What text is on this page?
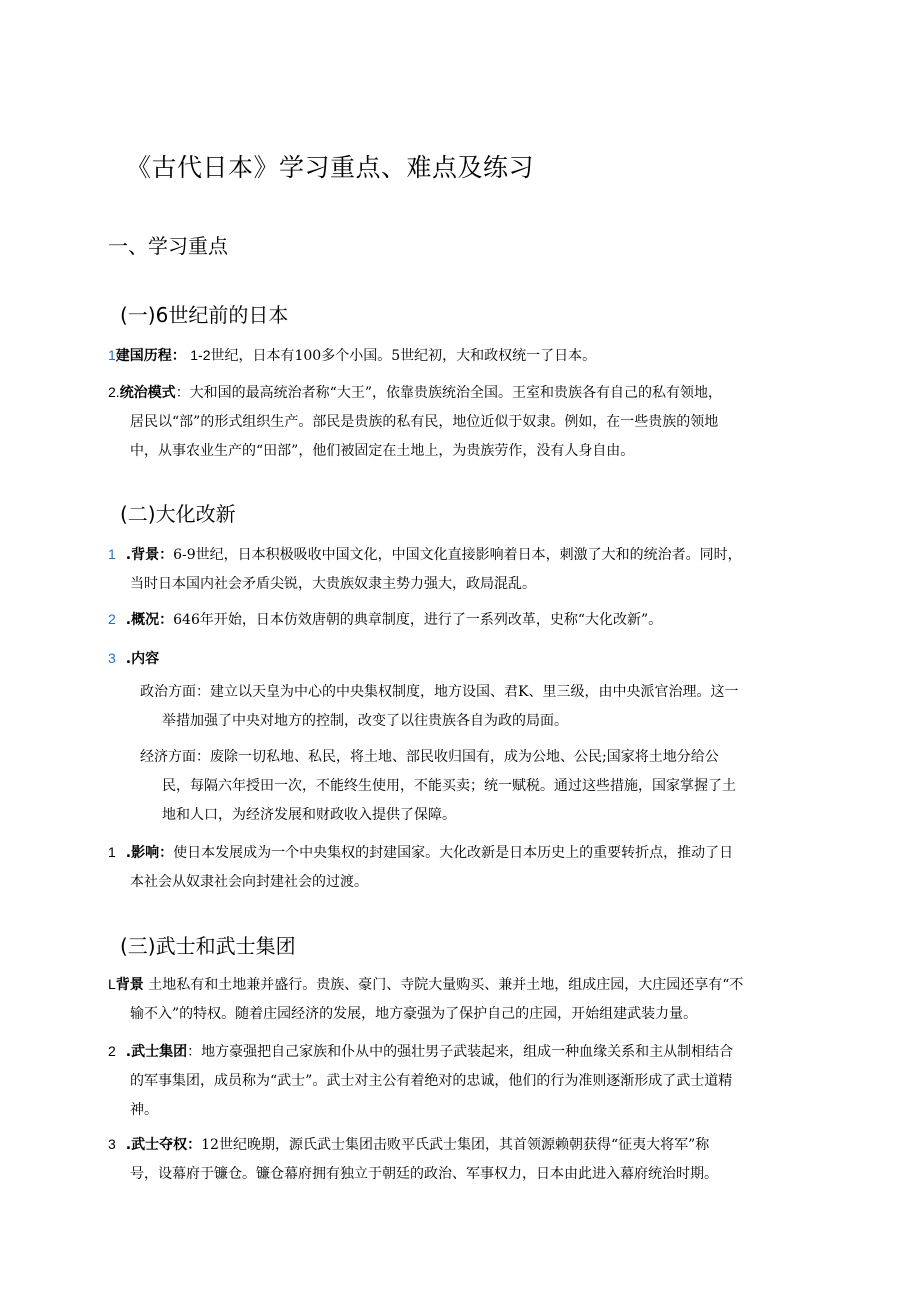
《古代日本》学习重点、难点及练习
一、学习重点
(一)6世纪前的日本
1建国历程： 1-2世纪，日本有100多个小国。5世纪初，大和政权统一了日本。
2.统治模式：大和国的最高统治者称“大王”，依靠贵族统治全国。王室和贵族各有自己的私有领地，
居民以“部”的形式组织生产。部民是贵族的私有民，地位近似于奴隶。例如，在一些贵族的领地
中，从事农业生产的“田部”，他们被固定在土地上，为贵族劳作，没有人身自由。
(二)大化改新
1 .背景：6-9世纪，日本积极吸收中国文化，中国文化直接影响着日本，刺激了大和的统治者。同时，
当时日本国内社会矛盾尖锐，大贵族奴隶主势力强大，政局混乱。
2 .概况：646年开始，日本仿效唐朝的典章制度，进行了一系列改革，史称“大化改新”。
3 .内容
政治方面：建立以天皇为中心的中央集权制度，地方设国、君K、里三级，由中央派官治理。这一
举措加强了中央对地方的控制，改变了以往贵族各自为政的局面。
经济方面：废除一切私地、私民，将土地、部民收归国有，成为公地、公民;国家将土地分给公
民，每隔六年授田一次，不能终生使用，不能买卖；统一赋税。通过这些措施，国家掌握了土
地和人口，为经济发展和财政收入提供了保障。
1 .影响：使日本发展成为一个中央集权的封建国家。大化改新是日本历史上的重要转折点，推动了日
本社会从奴隶社会向封建社会的过渡。
(三)武士和武士集团
L背景 土地私有和土地兼并盛行。贵族、豪门、寺院大量购买、兼并土地，组成庄园，大庄园还享有“不
输不入”的特权。随着庄园经济的发展，地方豪强为了保护自己的庄园，开始组建武装力量。
2 .武士集团：地方豪强把自己家族和仆从中的强壮男子武装起来，组成一种血缘关系和主从制相结合
的军事集团，成员称为“武士”。武士对主公有着绝对的忠诚，他们的行为准则逐渐形成了武士道精
神。
3 .武士夺权：12世纪晚期，源氏武士集团击败平氏武士集团，其首领源赖朝获得“征夷大将军”称
号，设幕府于镰仓。镰仓幕府拥有独立于朝廷的政治、军事权力，日本由此进入幕府统治时期。
